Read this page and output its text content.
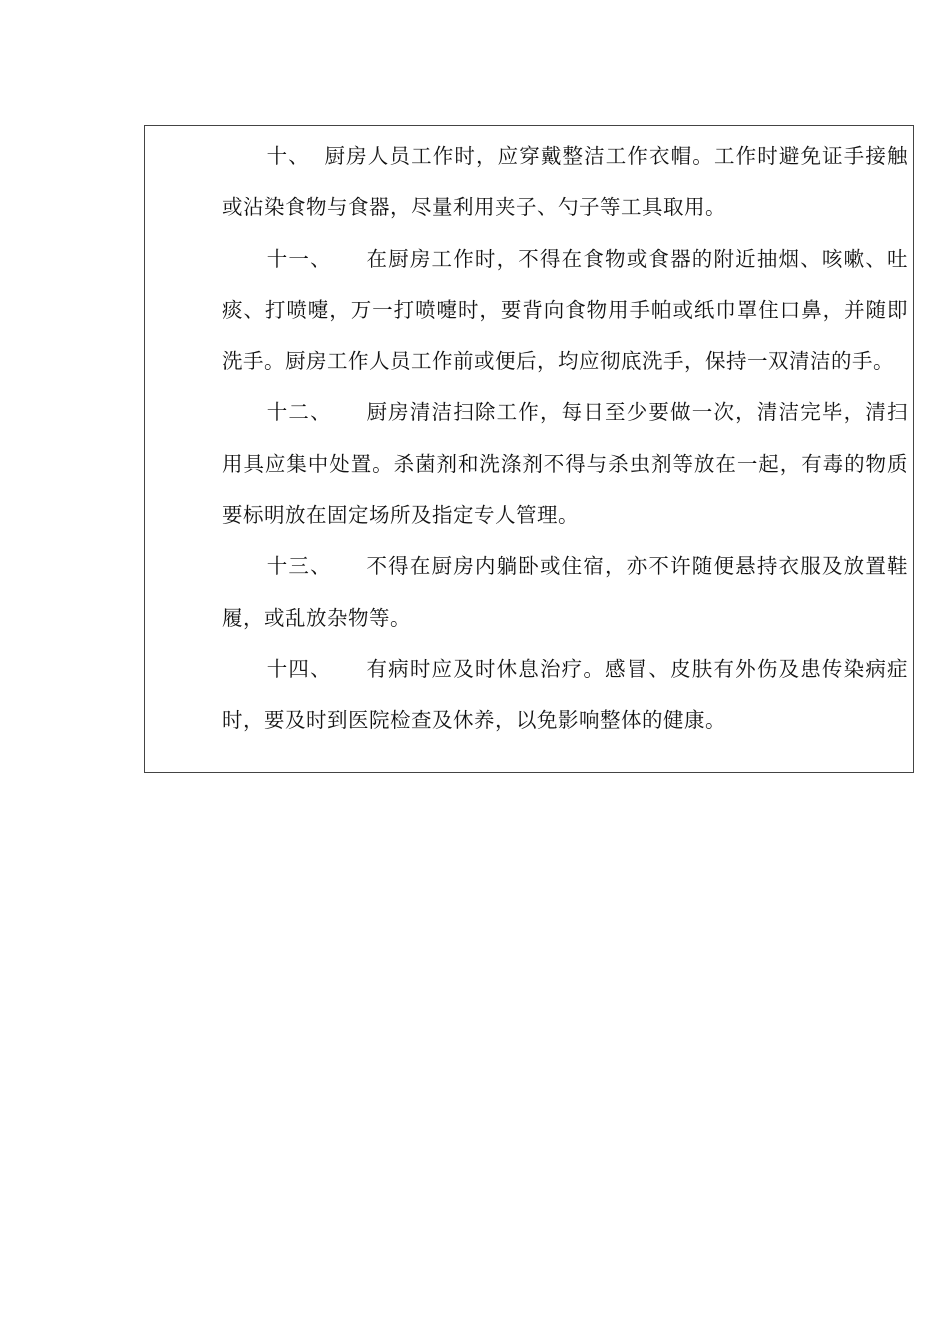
十、 厨房人员工作时，应穿戴整洁工作衣帽。工作时避免证手接触或沾染食物与食器，尽量利用夹子、勺子等工具取用。

十一、 在厨房工作时，不得在食物或食器的附近抽烟、咳嗽、吐痰、打喷嚏，万一打喷嚏时，要背向食物用手帕或纸巾罩住口鼻，并随即洗手。厨房工作人员工作前或便后，均应彻底洗手，保持一双清洁的手。

十二、 厨房清洁扫除工作，每日至少要做一次，清洁完毕，清扫用具应集中处置。杀菌剂和洗涤剂不得与杀虫剂等放在一起，有毒的物质要标明放在固定场所及指定专人管理。

十三、 不得在厨房内躺卧或住宿，亦不许随便悬持衣服及放置鞋履，或乱放杂物等。

十四、 有病时应及时休息治疗。感冒、皮肤有外伤及患传染病症时，要及时到医院检查及休养，以免影响整体的健康。
